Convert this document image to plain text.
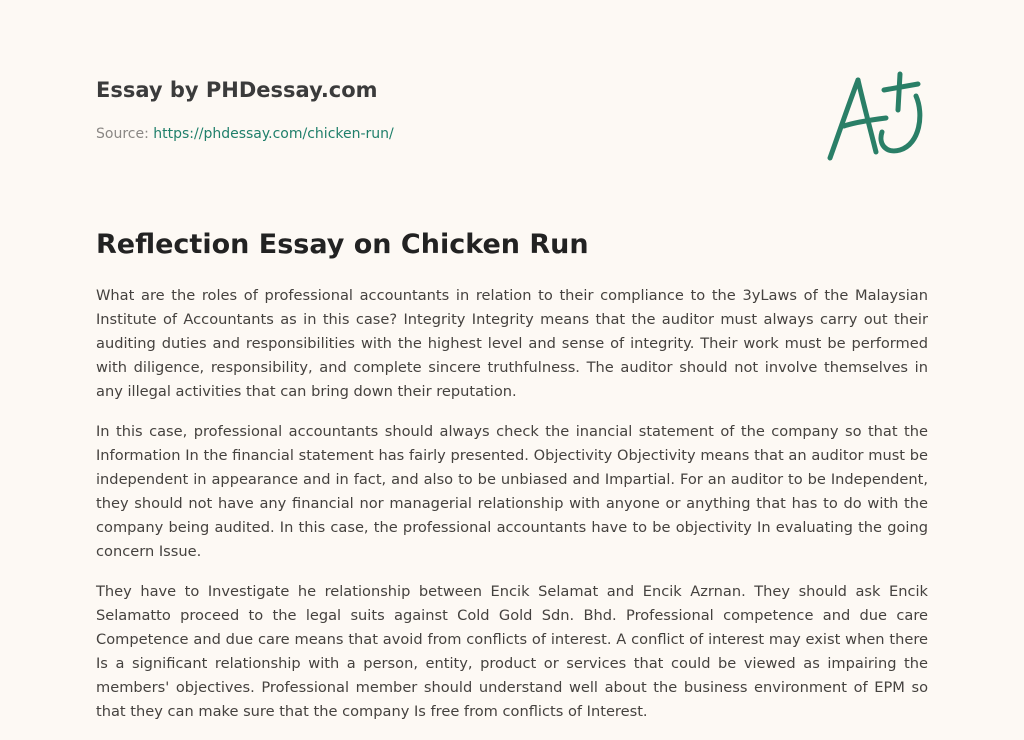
Essay by PHDessay.com
Source: https://phdessay.com/chicken-run/
Reflection Essay on Chicken Run

What are the roles of professional accountants in relation to their compliance to the 3yLaws of the Malaysian Institute of Accountants as in this case? Integrity Integrity means that the auditor must always carry out their auditing duties and responsibilities with the highest level and sense of integrity. Their work must be performed with diligence, responsibility, and complete sincere truthfulness. The auditor should not involve themselves in any illegal activities that can bring down their reputation.

In this case, professional accountants should always check the inancial statement of the company so that the Information In the financial statement has fairly presented. Objectivity Objectivity means that an auditor must be independent in appearance and in fact, and also to be unbiased and Impartial. For an auditor to be Independent, they should not have any financial nor managerial relationship with anyone or anything that has to do with the company being audited. In this case, the professional accountants have to be objectivity In evaluating the going concern Issue.

They have to Investigate he relationship between Encik Selamat and Encik Azrnan. They should ask Encik Selamatto proceed to the legal suits against Cold Gold Sdn. Bhd. Professional competence and due care Competence and due care means that avoid from conflicts of interest. A conflict of interest may exist when there Is a significant relationship with a person, entity, product or services that could be viewed as impairing the members' objectives. Professional member should understand well about the business environment of EPM so that they can make sure that the company Is free from conflicts of Interest.
